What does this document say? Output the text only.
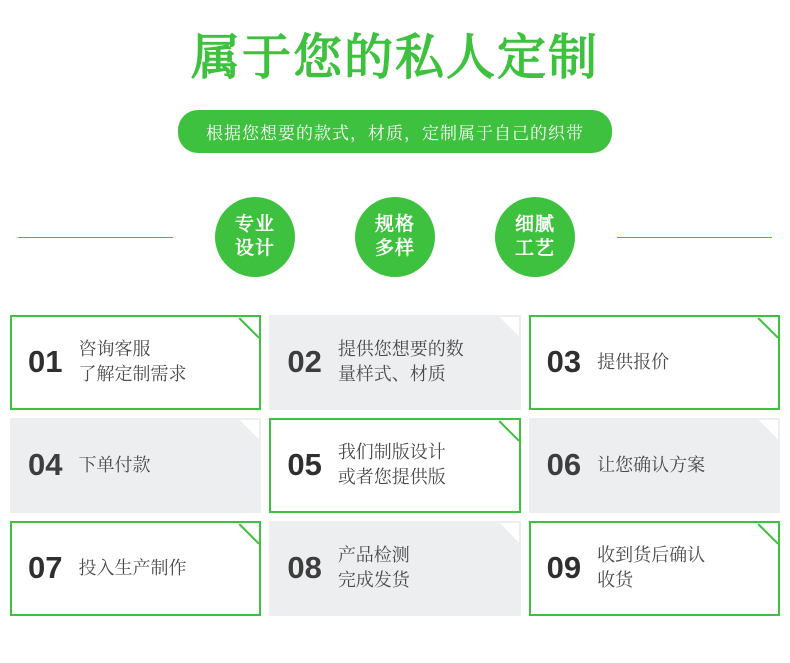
属于您的私人定制
根据您想要的款式，材质，定制属于自己的织带
专业
设计
规格
多样
细腻
工艺
01 咨询客服
了解定制需求	02 提供您想要的数
量样式、材质	03 提供报价
04 下单付款	05 我们制版设计
或者您提供版	06 让您确认方案
07 投入生产制作	08 产品检测
完成发货	09 收到货后确认
收货
